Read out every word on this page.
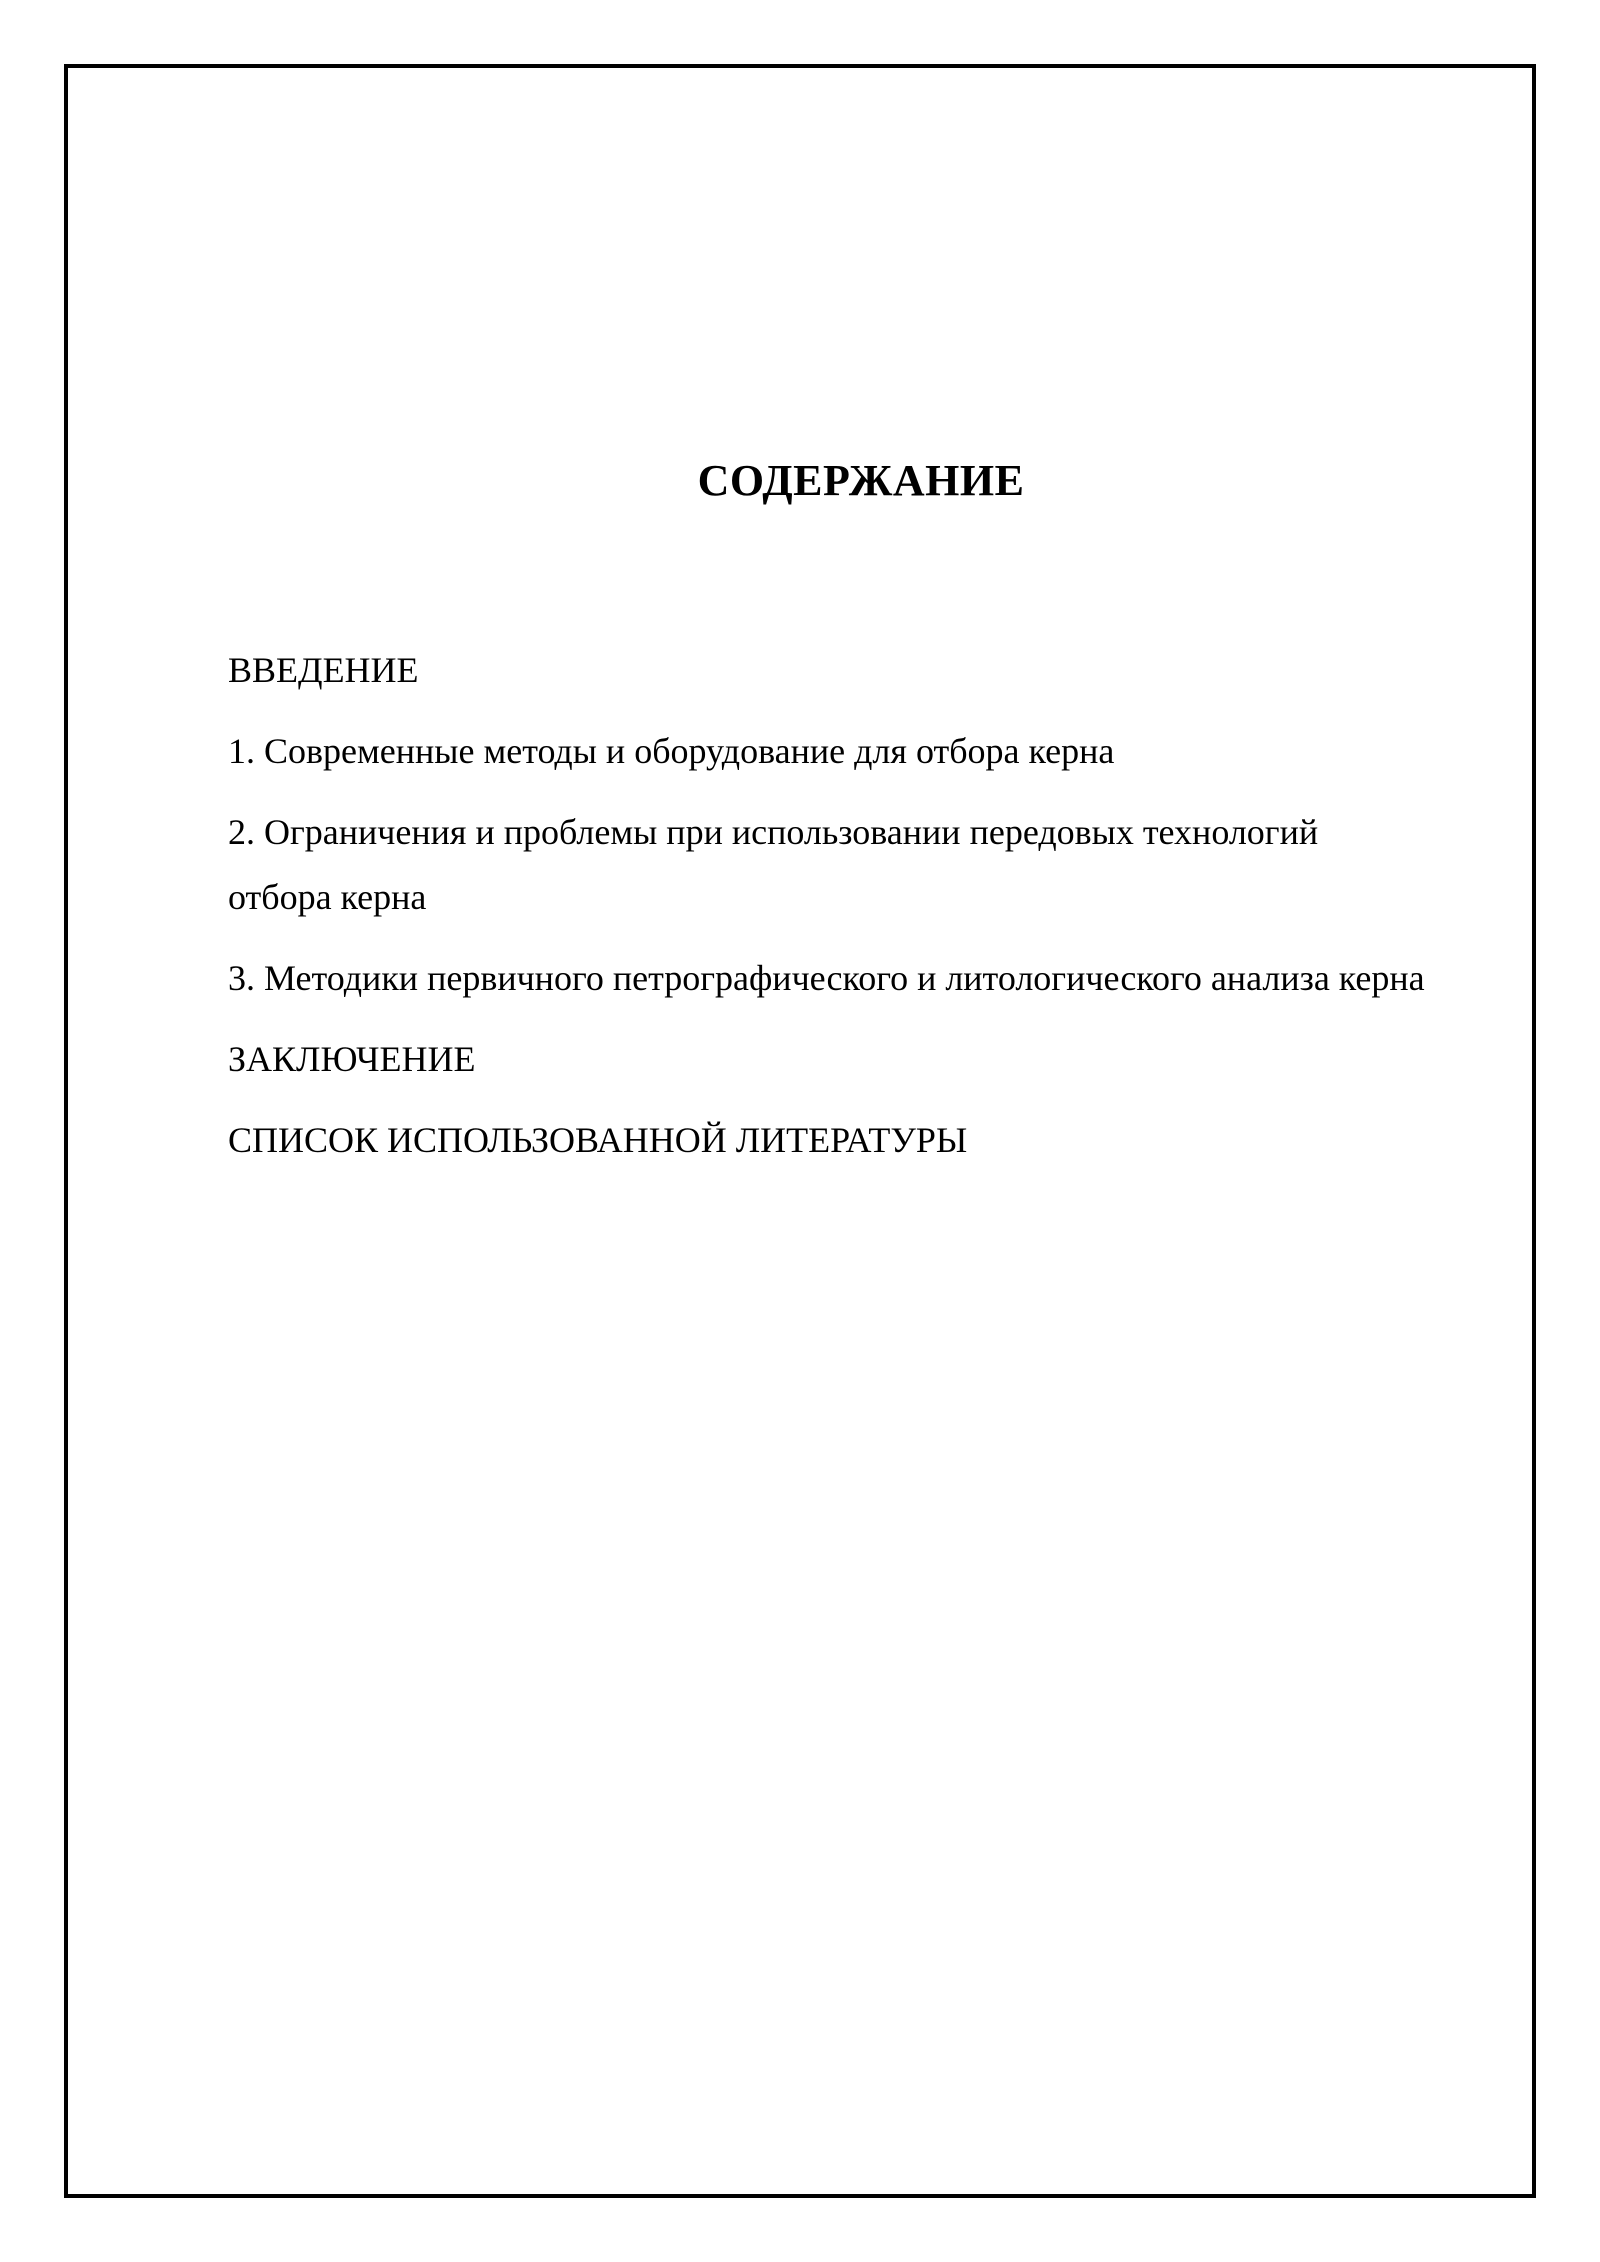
СОДЕРЖАНИЕ
ВВЕДЕНИЕ
1. Современные методы и оборудование для отбора керна
2. Ограничения и проблемы при использовании передовых технологий отбора керна
3. Методики первичного петрографического и литологического анализа керна
ЗАКЛЮЧЕНИЕ
СПИСОК ИСПОЛЬЗОВАННОЙ ЛИТЕРАТУРЫ
